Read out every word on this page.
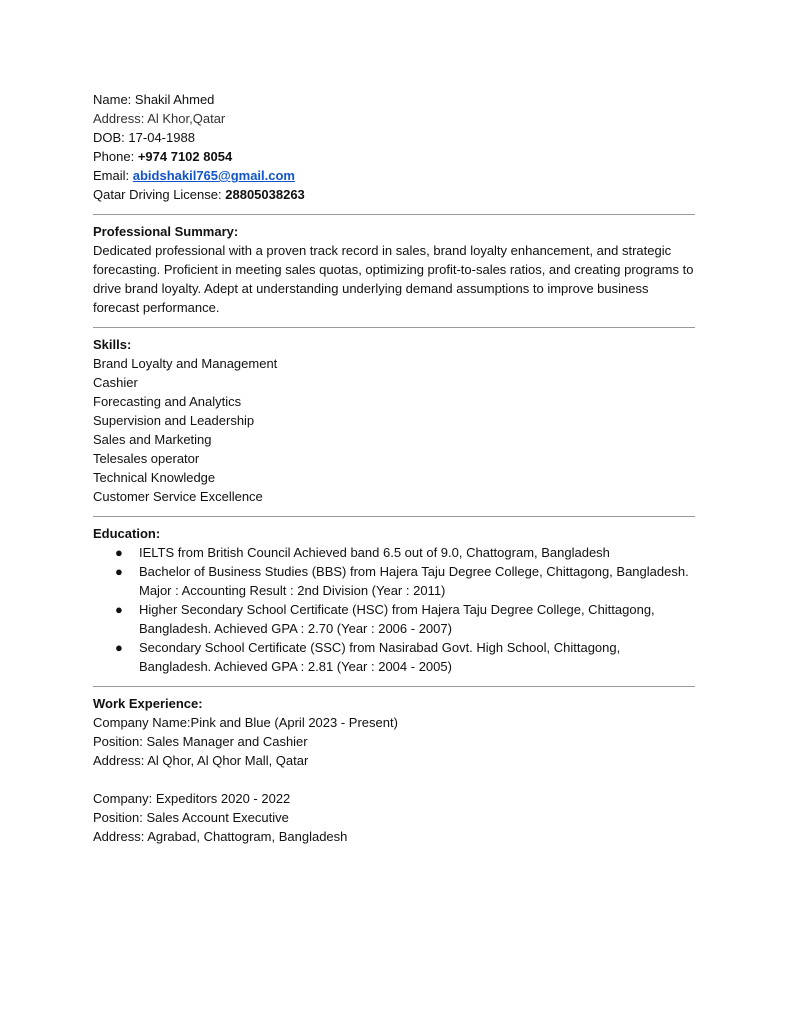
Name: Shakil Ahmed

Address: Al Khor,Qatar

DOB: 17-04-1988

Phone: +974 7102 8054

Email: abidshakil765@gmail.com

Qatar Driving License: 28805038263

Professional Summary:

Dedicated professional with a proven track record in sales, brand loyalty enhancement, and strategic forecasting. Proficient in meeting sales quotas, optimizing profit-to-sales ratios, and creating programs to drive brand loyalty. Adept at understanding underlying demand assumptions to improve business forecast performance.

Skills:

Brand Loyalty and Management

Cashier

Forecasting and Analytics

Supervision and Leadership

Sales and Marketing

Telesales operator

Technical Knowledge

Customer Service Excellence

Education:

● IELTS from British Council Achieved band 6.5 out of 9.0, Chattogram, Bangladesh
● Bachelor of Business Studies (BBS) from Hajera Taju Degree College, Chittagong, Bangladesh. Major : Accounting Result : 2nd Division (Year : 2011)
● Higher Secondary School Certificate (HSC) from Hajera Taju Degree College, Chittagong, Bangladesh. Achieved GPA : 2.70 (Year : 2006 - 2007)
● Secondary School Certificate (SSC) from Nasirabad Govt. High School, Chittagong, Bangladesh. Achieved GPA : 2.81 (Year : 2004 - 2005)

Work Experience:

Company Name:Pink and Blue (April 2023 - Present)

Position: Sales Manager and Cashier

Address: Al Qhor, Al Qhor Mall, Qatar

Company: Expeditors 2020 - 2022

Position: Sales Account Executive

Address: Agrabad, Chattogram, Bangladesh
